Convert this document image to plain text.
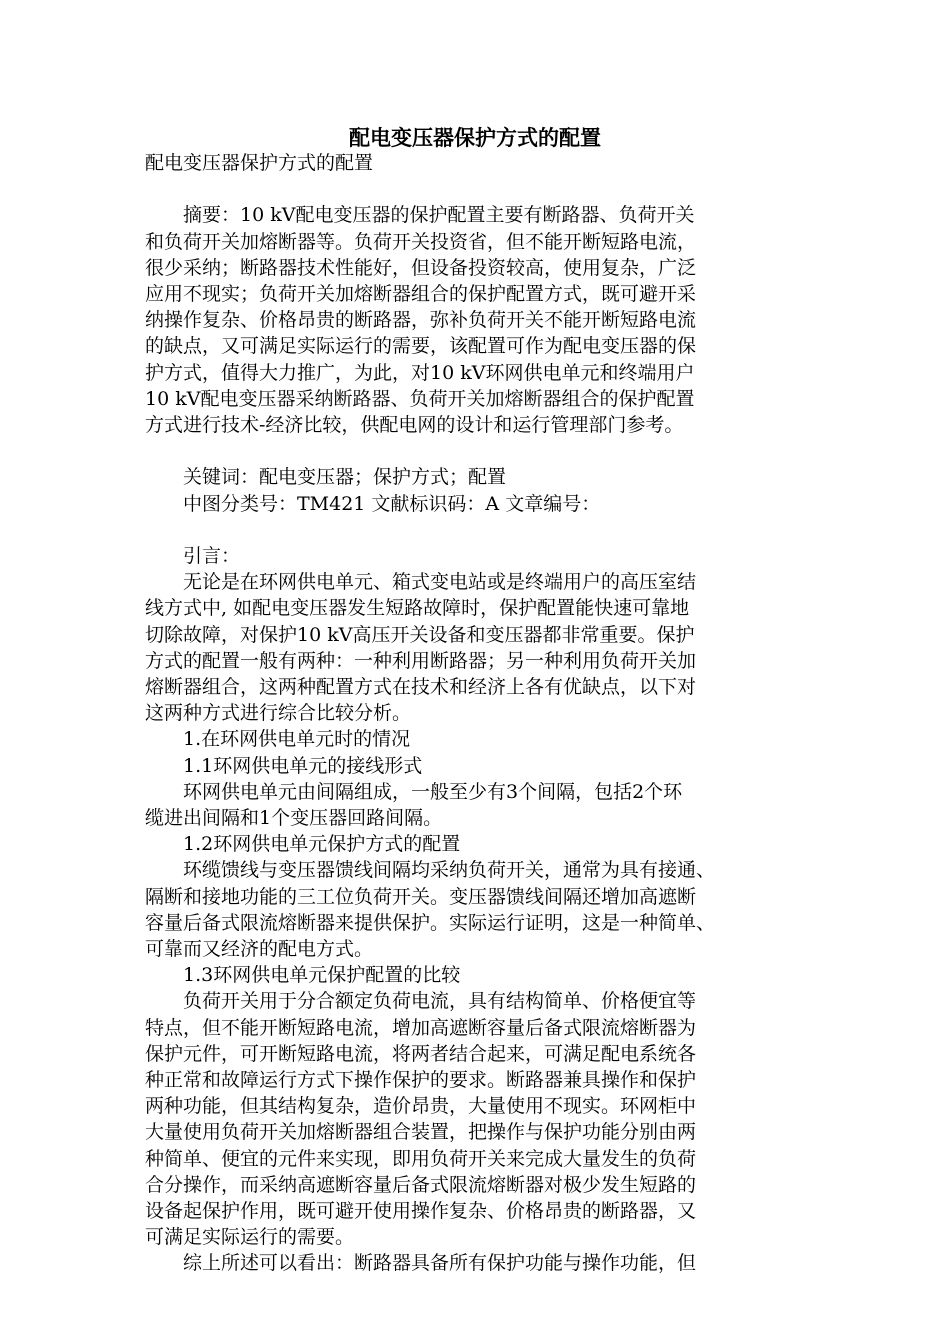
配电变压器保护方式的配置

配电变压器保护方式的配置

　　摘要：10 kV配电变压器的保护配置主要有断路器、负荷开关

和负荷开关加熔断器等。负荷开关投资省，但不能开断短路电流，

很少采纳；断路器技术性能好，但设备投资较高，使用复杂，广泛

应用不现实；负荷开关加熔断器组合的保护配置方式，既可避开采

纳操作复杂、价格昂贵的断路器，弥补负荷开关不能开断短路电流

的缺点，又可满足实际运行的需要，该配置可作为配电变压器的保

护方式，值得大力推广，为此，对10 kV环网供电单元和终端用户

10 kV配电变压器采纳断路器、负荷开关加熔断器组合的保护配置

方式进行技术-经济比较，供配电网的设计和运行管理部门参考。

　　关键词：配电变压器；保护方式；配置

　　中图分类号：TM421 文献标识码：A 文章编号：

　　引言：

　　无论是在环网供电单元、箱式变电站或是终端用户的高压室结

线方式中, 如配电变压器发生短路故障时，保护配置能快速可靠地

切除故障，对保护10 kV高压开关设备和变压器都非常重要。保护

方式的配置一般有两种：一种利用断路器；另一种利用负荷开关加

熔断器组合，这两种配置方式在技术和经济上各有优缺点，以下对

这两种方式进行综合比较分析。

　　1.在环网供电单元时的情况

　　1.1环网供电单元的接线形式

　　环网供电单元由间隔组成，一般至少有3个间隔，包括2个环

缆进出间隔和1个变压器回路间隔。

　　1.2环网供电单元保护方式的配置

　　环缆馈线与变压器馈线间隔均采纳负荷开关，通常为具有接通、

隔断和接地功能的三工位负荷开关。变压器馈线间隔还增加高遮断

容量后备式限流熔断器来提供保护。实际运行证明，这是一种简单、

可靠而又经济的配电方式。

　　1.3环网供电单元保护配置的比较

　　负荷开关用于分合额定负荷电流，具有结构简单、价格便宜等

特点，但不能开断短路电流，增加高遮断容量后备式限流熔断器为

保护元件，可开断短路电流，将两者结合起来，可满足配电系统各

种正常和故障运行方式下操作保护的要求。断路器兼具操作和保护

两种功能，但其结构复杂，造价昂贵，大量使用不现实。环网柜中

大量使用负荷开关加熔断器组合装置，把操作与保护功能分别由两

种简单、便宜的元件来实现，即用负荷开关来完成大量发生的负荷

合分操作，而采纳高遮断容量后备式限流熔断器对极少发生短路的

设备起保护作用，既可避开使用操作复杂、价格昂贵的断路器，又

可满足实际运行的需要。

　　综上所述可以看出：断路器具备所有保护功能与操作功能，但
